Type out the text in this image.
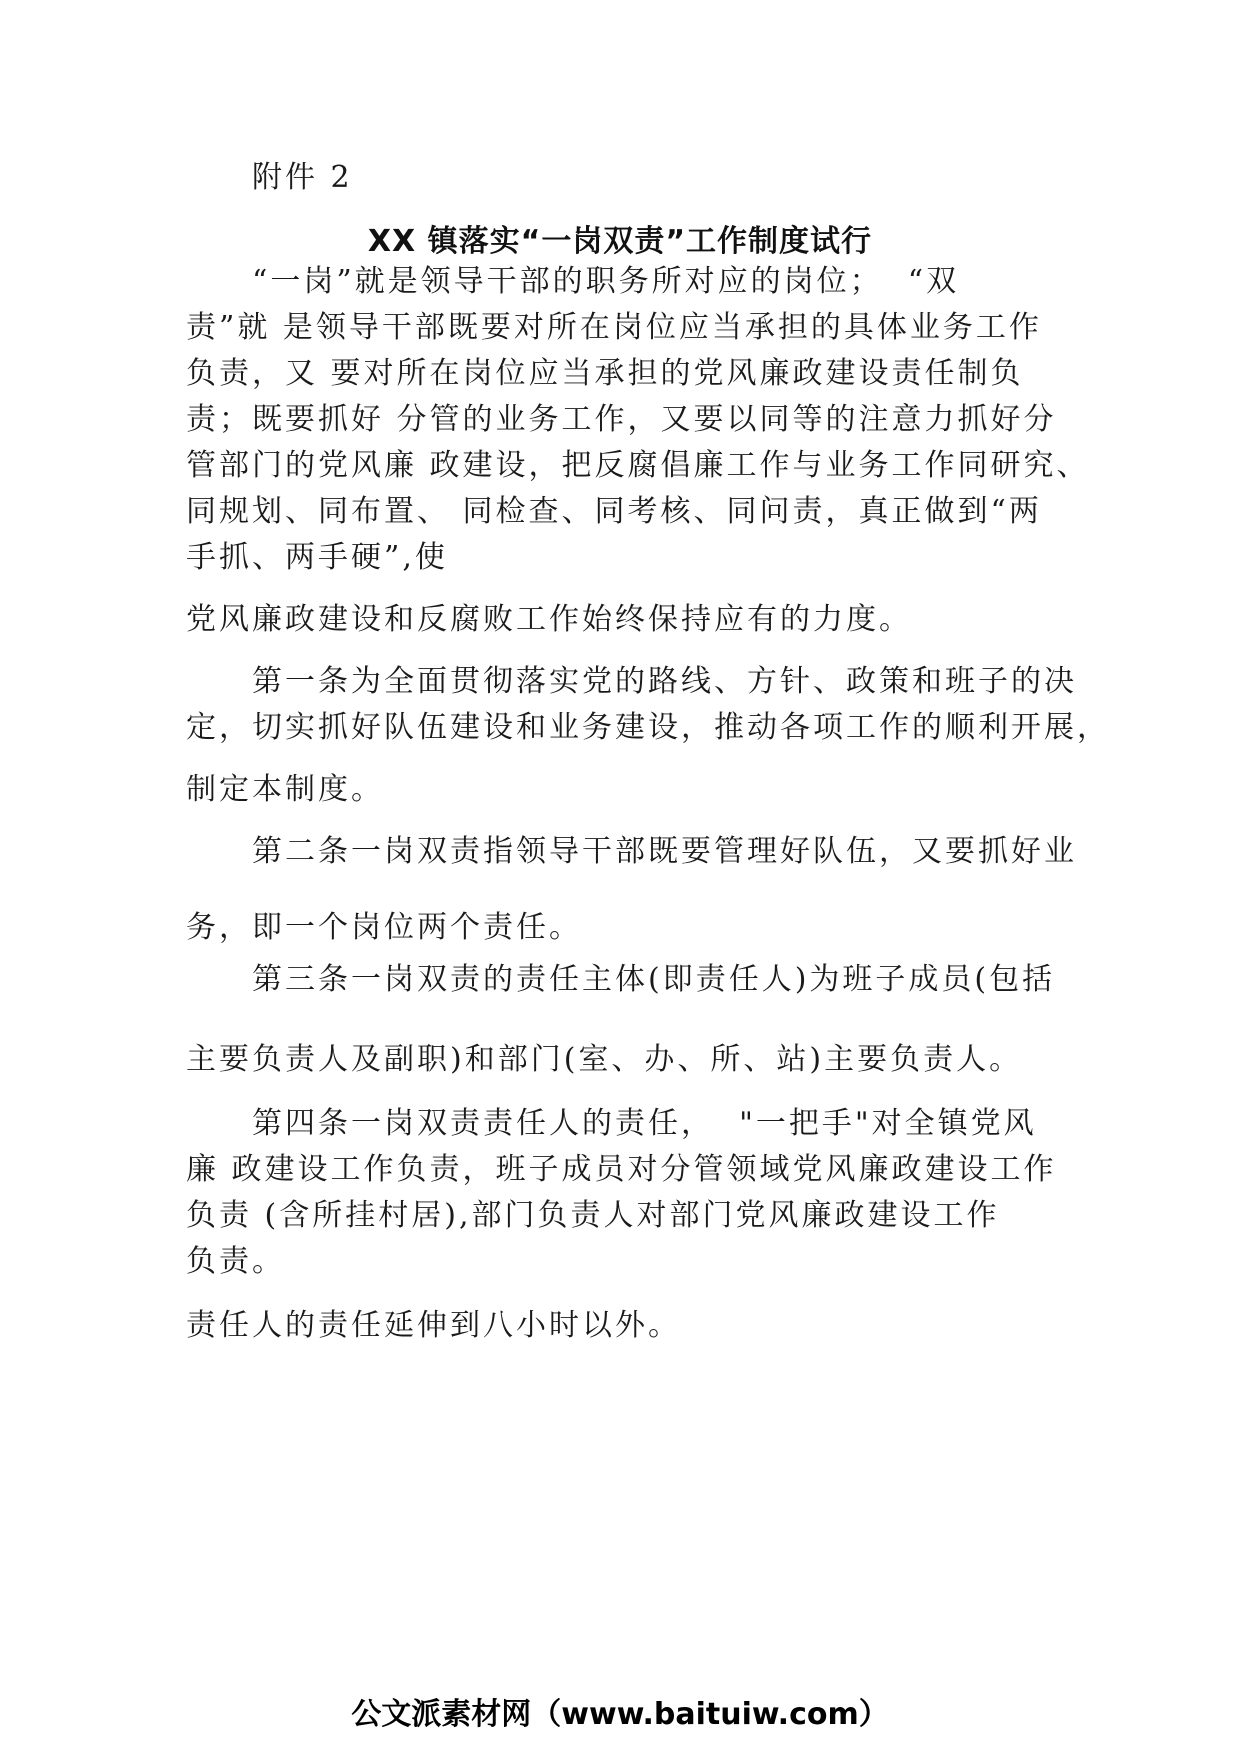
附件 2
XX 镇落实“一岗双责”工作制度试行
“一岗”就是领导干部的职务所对应的岗位；  “双
责”就 是领导干部既要对所在岗位应当承担的具体业务工作
负责，又 要对所在岗位应当承担的党风廉政建设责任制负
责；既要抓好 分管的业务工作，又要以同等的注意力抓好分
管部门的党风廉 政建设，把反腐倡廉工作与业务工作同研究、
同规划、同布置、 同检查、同考核、同问责，真正做到“两
手抓、两手硬”,使
党风廉政建设和反腐败工作始终保持应有的力度。
第一条为全面贯彻落实党的路线、方针、政策和班子的决
定，切实抓好队伍建设和业务建设，推动各项工作的顺利开展，
制定本制度。
第二条一岗双责指领导干部既要管理好队伍，又要抓好业
务，即一个岗位两个责任。
第三条一岗双责的责任主体(即责任人)为班子成员(包括
主要负责人及副职)和部门(室、办、所、站)主要负责人。
第四条一岗双责责任人的责任，  "一把手"对全镇党风
廉 政建设工作负责，班子成员对分管领域党风廉政建设工作
负责 (含所挂村居),部门负责人对部门党风廉政建设工作
负责。
责任人的责任延伸到八小时以外。
公文派素材网（www.baituiw.com）
